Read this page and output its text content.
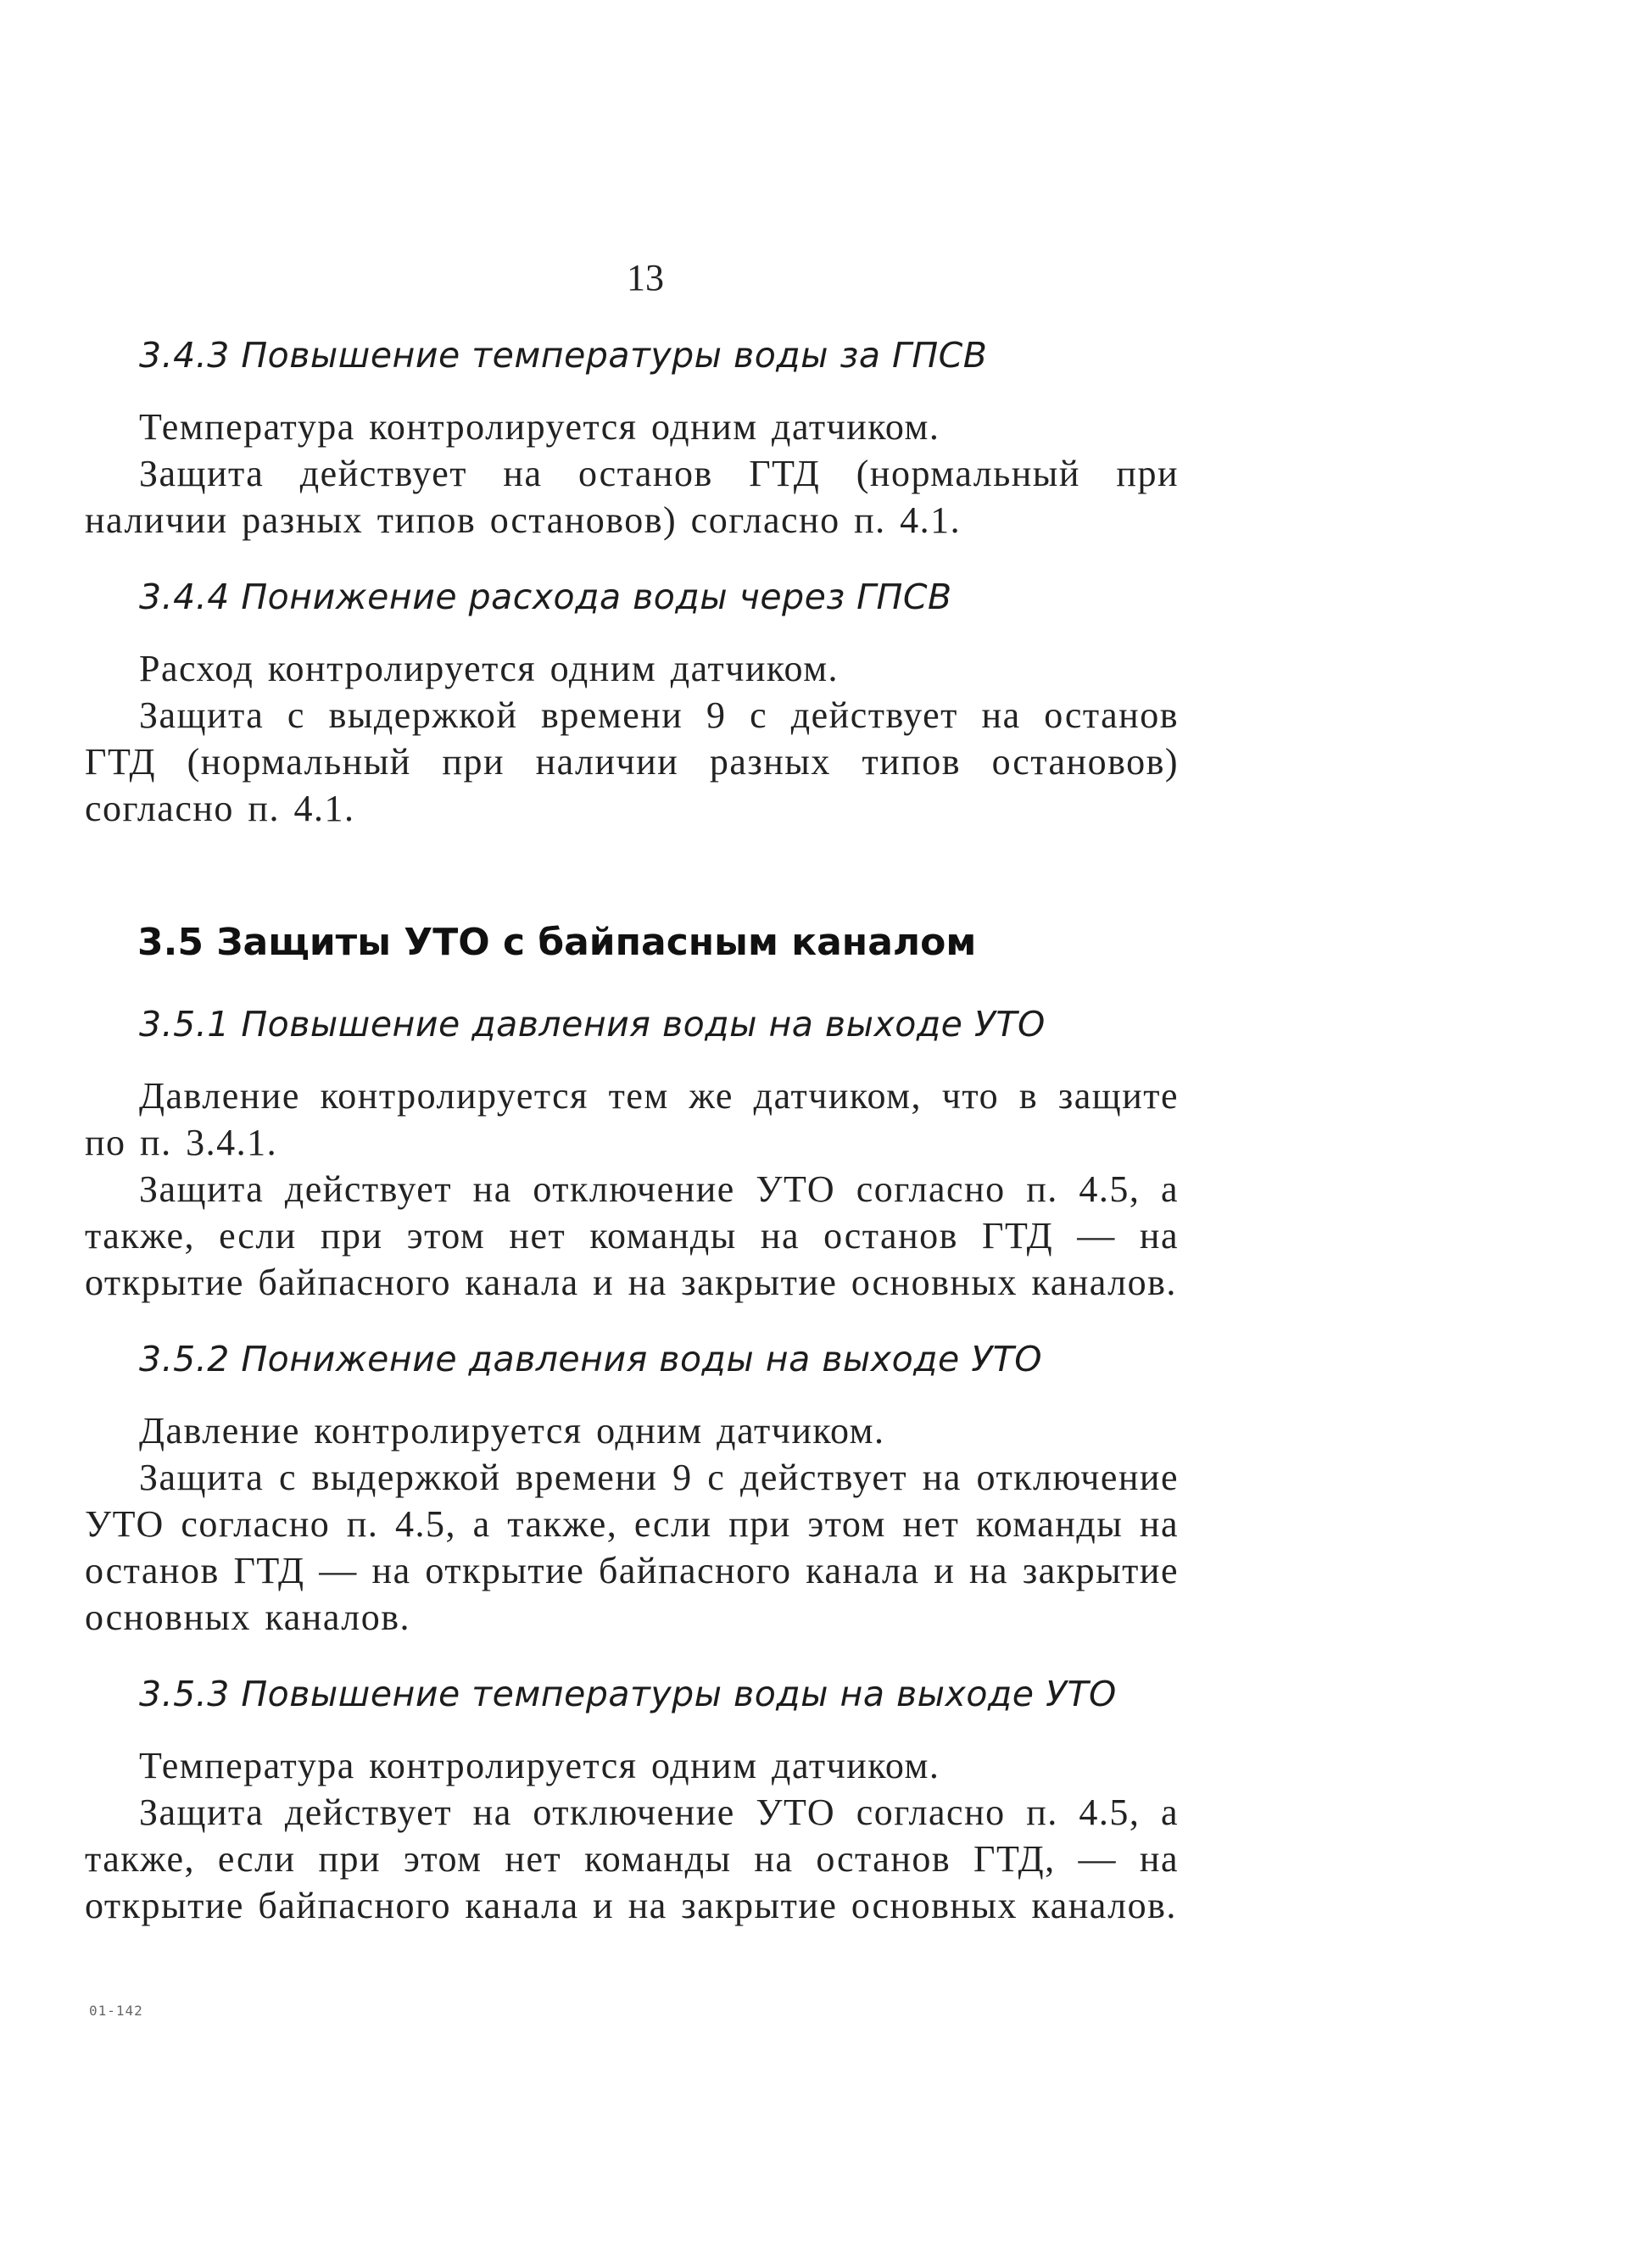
13
3.4.3 Повышение температуры воды за ГПСВ

Температура контролируется одним датчиком.

Защита действует на останов ГТД (нормальный при наличии разных типов остановов) согласно п. 4.1.

3.4.4 Понижение расхода воды через ГПСВ

Расход контролируется одним датчиком.

Защита с выдержкой времени 9 с действует на останов ГТД (нормальный при наличии разных типов остановов) согласно п. 4.1.

3.5 Защиты УТО с байпасным каналом
3.5.1 Повышение давления воды на выходе УТО

Давление контролируется тем же датчиком, что в защите по п. 3.4.1.

Защита действует на отключение УТО согласно п. 4.5, а также, если при этом нет команды на останов ГТД — на открытие байпасного канала и на закрытие основных каналов.

3.5.2 Понижение давления воды на выходе УТО

Давление контролируется одним датчиком.

Защита с выдержкой времени 9 с действует на отключение УТО согласно п. 4.5, а также, если при этом нет команды на останов ГТД — на открытие байпасного канала и на закрытие основных каналов.

3.5.3 Повышение температуры воды на выходе УТО

Температура контролируется одним датчиком.

Защита действует на отключение УТО согласно п. 4.5, а также, если при этом нет команды на останов ГТД, — на открытие байпасного канала и на закрытие основных каналов.

01-142
